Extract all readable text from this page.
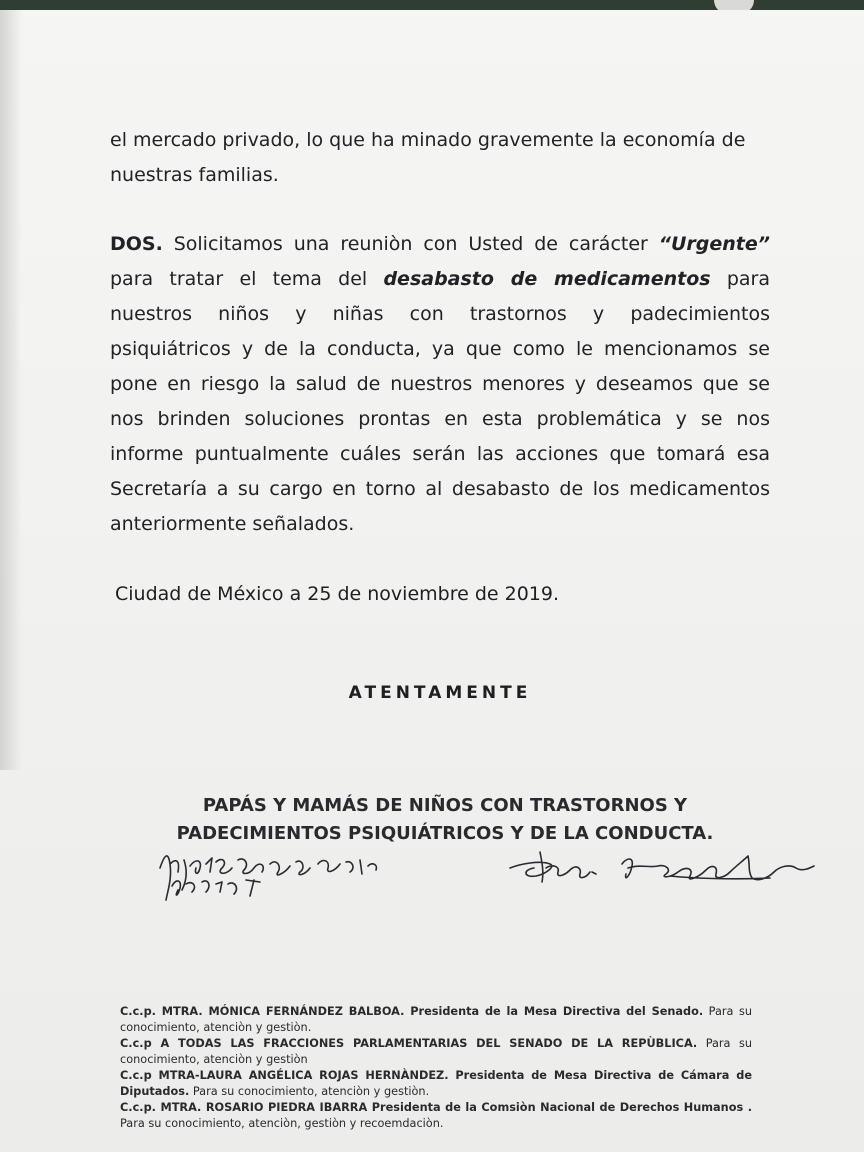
el mercado privado, lo que ha minado gravemente la economía de
nuestras familias.
DOS. Solicitamos una reuniòn con Usted de carácter “Urgente”
para tratar el tema del desabasto de medicamentos para
nuestros niños y niñas con trastornos y padecimientos
psiquiátricos y de la conducta, ya que como le mencionamos se
pone en riesgo la salud de nuestros menores y deseamos que se
nos brinden soluciones prontas en esta problemática y se nos
informe puntualmente cuáles serán las acciones que tomará esa
Secretaría a su cargo en torno al desabasto de los medicamentos
anteriormente señalados.
Ciudad de México a 25 de noviembre de 2019.
ATENTAMENTE
PAPÁS Y MAMÁS DE NIÑOS CON TRASTORNOS Y
PADECIMIENTOS PSIQUIÁTRICOS Y DE LA CONDUCTA.

C.c.p. MTRA. MÓNICA FERNÁNDEZ BALBOA. Presidenta de la Mesa Directiva del Senado. Para su conocimiento, atenciòn y gestiòn.

C.c.p A TODAS LAS FRACCIONES PARLAMENTARIAS DEL SENADO DE LA REPÙBLICA. Para su conocimiento, atenciòn y gestiòn

C.c.p MTRA-LAURA ANGÉLICA ROJAS HERNÀNDEZ. Presidenta de Mesa Directiva de Cámara de Diputados. Para su conocimiento, atenciòn y gestiòn.

C.c.p. MTRA. ROSARIO PIEDRA IBARRA Presidenta de la Comsiòn Nacional de Derechos Humanos . Para su conocimiento, atenciòn, gestiòn y recoemdaciòn.
